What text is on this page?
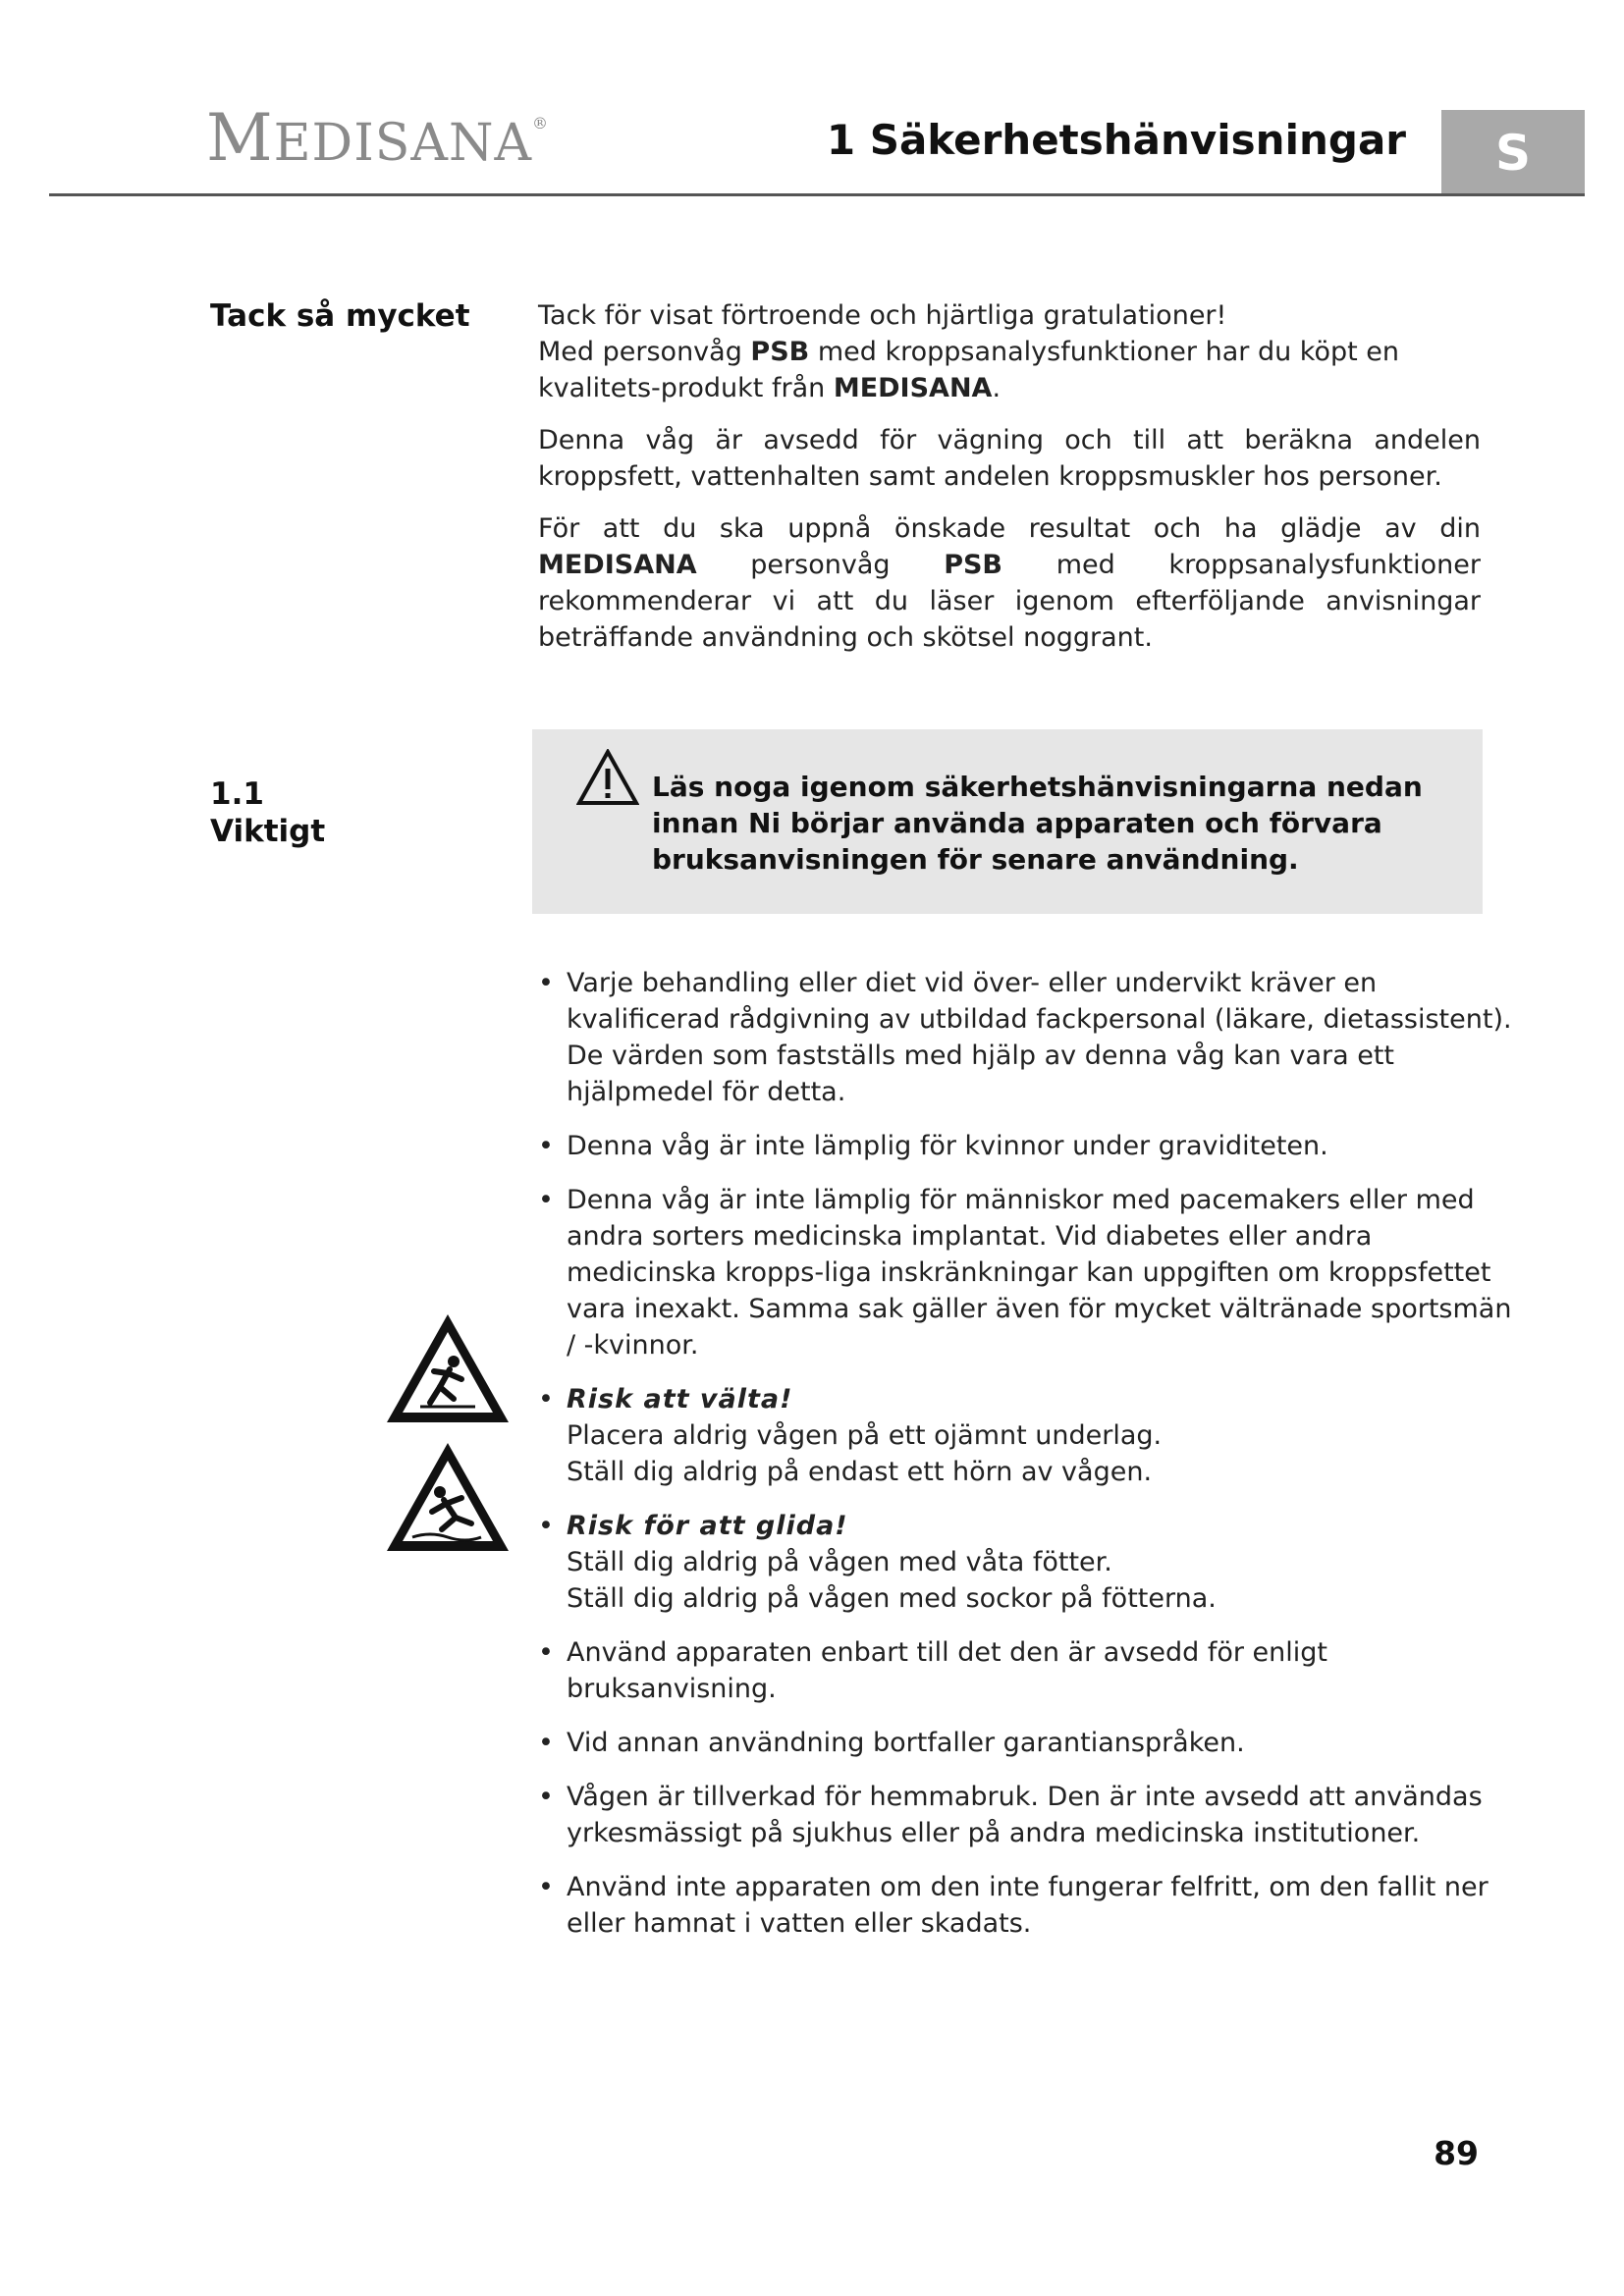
MEDISANA®	1 Säkerhetshänvisningar	S
Tack så mycket	Tack för visat förtroende och hjärtliga gratulationer!
Med personvåg PSB med kroppsanalysfunktioner har du köpt en kvalitets-produkt från MEDISANA.

Denna våg är avsedd för vägning och till att beräkna andelen kroppsfett, vattenhalten samt andelen kroppsmuskler hos personer.

För att du ska uppnå önskade resultat och ha glädje av din MEDISANA personvåg PSB med kroppsanalysfunktioner rekommenderar vi att du läser igenom efterföljande anvisningar beträffande användning och skötsel noggrant.

1.1
Viktigt
Läs noga igenom säkerhetshänvisningarna nedan innan Ni börjar använda apparaten och förvara bruksanvisningen för senare användning.
• Varje behandling eller diet vid över- eller undervikt kräver en kvalificerad rådgivning av utbildad fackpersonal (läkare, dietassistent). De värden som fastställs med hjälp av denna våg kan vara ett hjälpmedel för detta.
• Denna våg är inte lämplig för kvinnor under graviditeten.
• Denna våg är inte lämplig för människor med pacemakers eller med andra sorters medicinska implantat. Vid diabetes eller andra medicinska kropps-liga inskränkningar kan uppgiften om kroppsfettet vara inexakt. Samma sak gäller även för mycket vältränade sportsmän / -kvinnor.
• Risk att välta!
Placera aldrig vågen på ett ojämnt underlag.
Ställ dig aldrig på endast ett hörn av vågen.
• Risk för att glida!
Ställ dig aldrig på vågen med våta fötter.
Ställ dig aldrig på vågen med sockor på fötterna.
• Använd apparaten enbart till det den är avsedd för enligt bruksanvisning.
• Vid annan användning bortfaller garantianspråken.
• Vågen är tillverkad för hemmabruk. Den är inte avsedd att användas yrkesmässigt på sjukhus eller på andra medicinska institutioner.
• Använd inte apparaten om den inte fungerar felfritt, om den fallit ner eller hamnat i vatten eller skadats.
89
